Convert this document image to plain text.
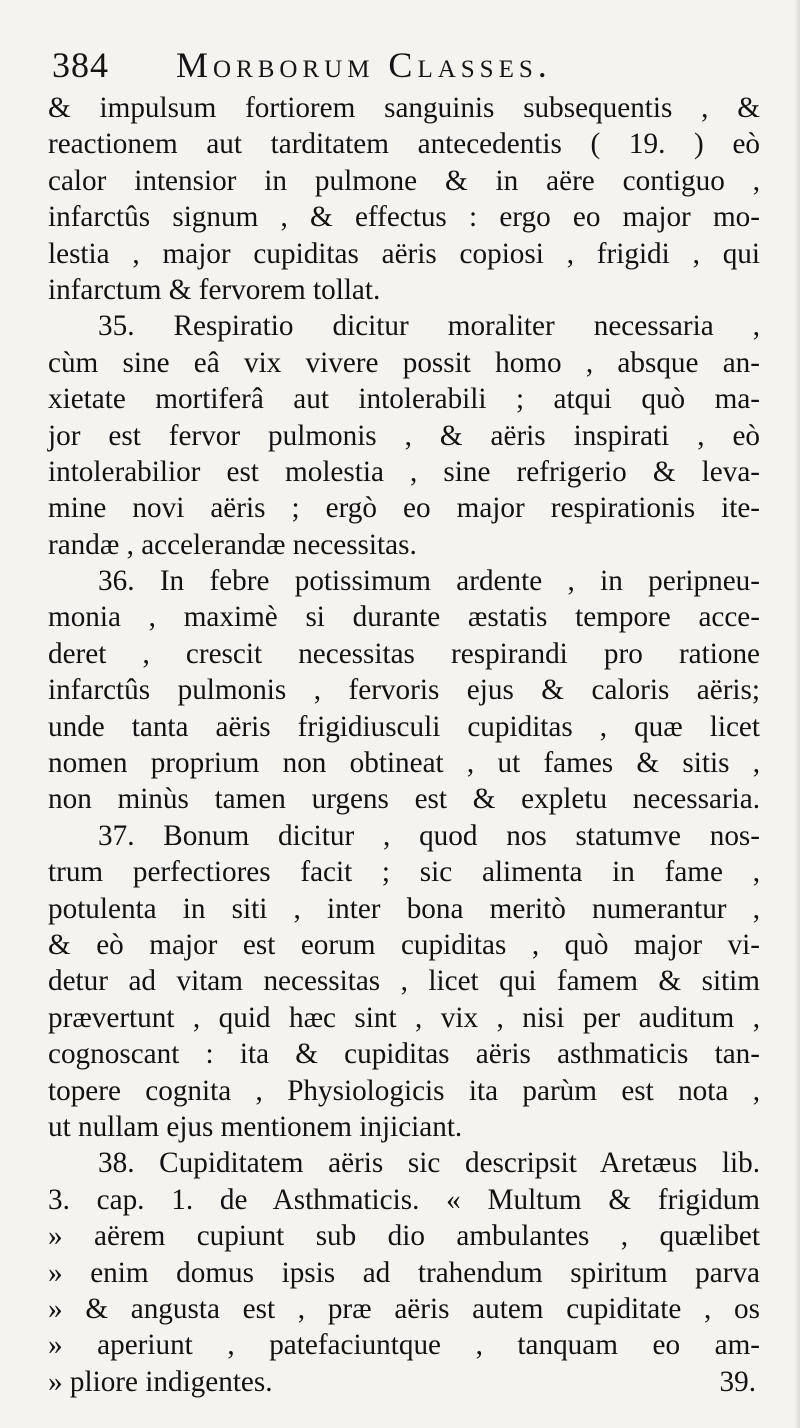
384 Morborum Classes.
& impulsum fortiorem sanguinis subsequentis , &
reactionem aut tarditatem antecedentis ( 19. ) eò
calor intensior in pulmone & in aëre contiguo ,
infarctûs signum , & effectus : ergo eo major mo-
lestia , major cupiditas aëris copiosi , frigidi , qui
infarctum & fervorem tollat.
35. Respiratio dicitur moraliter necessaria ,
cùm sine eâ vix vivere possit homo , absque an-
xietate mortiferâ aut intolerabili ; atqui quò ma-
jor est fervor pulmonis , & aëris inspirati , eò
intolerabilior est molestia , sine refrigerio & leva-
mine novi aëris ; ergò eo major respirationis ite-
randæ , accelerandæ necessitas.
36. In febre potissimum ardente , in peripneu-
monia , maximè si durante æstatis tempore acce-
deret , crescit necessitas respirandi pro ratione
infarctûs pulmonis , fervoris ejus & caloris aëris;
unde tanta aëris frigidiusculi cupiditas , quæ licet
nomen proprium non obtineat , ut fames & sitis ,
non minùs tamen urgens est & expletu necessaria.
37. Bonum dicitur , quod nos statumve nos-
trum perfectiores facit ; sic alimenta in fame ,
potulenta in siti , inter bona meritò numerantur ,
& eò major est eorum cupiditas , quò major vi-
detur ad vitam necessitas , licet qui famem & sitim
prævertunt , quid hæc sint , vix , nisi per auditum ,
cognoscant : ita & cupiditas aëris asthmaticis tan-
topere cognita , Physiologicis ita parùm est nota ,
ut nullam ejus mentionem injiciant.
38. Cupiditatem aëris sic descripsit Aretæus lib.
3. cap. 1. de Asthmaticis. « Multum & frigidum
» aërem cupiunt sub dio ambulantes , quælibet
» enim domus ipsis ad trahendum spiritum parva
» & angusta est , præ aëris autem cupiditate , os
» aperiunt , patefaciuntque , tanquam eo am-
» pliore indigentes.	39.
